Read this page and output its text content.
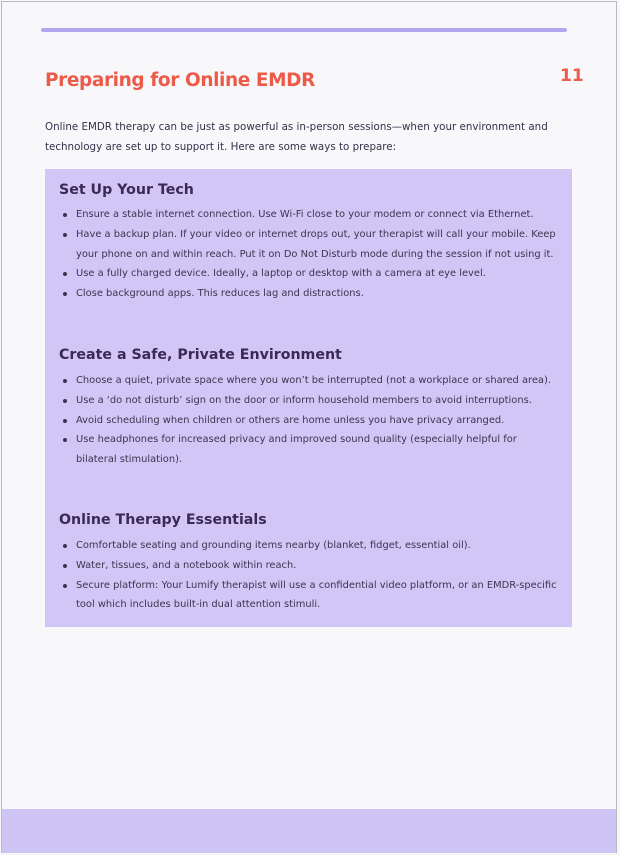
Preparing for Online EMDR	11
Online EMDR therapy can be just as powerful as in-person sessions—when your environment and technology are set up to support it. Here are some ways to prepare:
Set Up Your Tech
Ensure a stable internet connection. Use Wi-Fi close to your modem or connect via Ethernet.
Have a backup plan. If your video or internet drops out, your therapist will call your mobile. Keep your phone on and within reach. Put it on Do Not Disturb mode during the session if not using it.
Use a fully charged device. Ideally, a laptop or desktop with a camera at eye level.
Close background apps. This reduces lag and distractions.
Create a Safe, Private Environment
Choose a quiet, private space where you won’t be interrupted (not a workplace or shared area).
Use a ‘do not disturb’ sign on the door or inform household members to avoid interruptions.
Avoid scheduling when children or others are home unless you have privacy arranged.
Use headphones for increased privacy and improved sound quality (especially helpful for bilateral stimulation).
Online Therapy Essentials
Comfortable seating and grounding items nearby (blanket, fidget, essential oil).
Water, tissues, and a notebook within reach.
Secure platform: Your Lumify therapist will use a confidential video platform, or an EMDR-specific tool which includes built-in dual attention stimuli.
